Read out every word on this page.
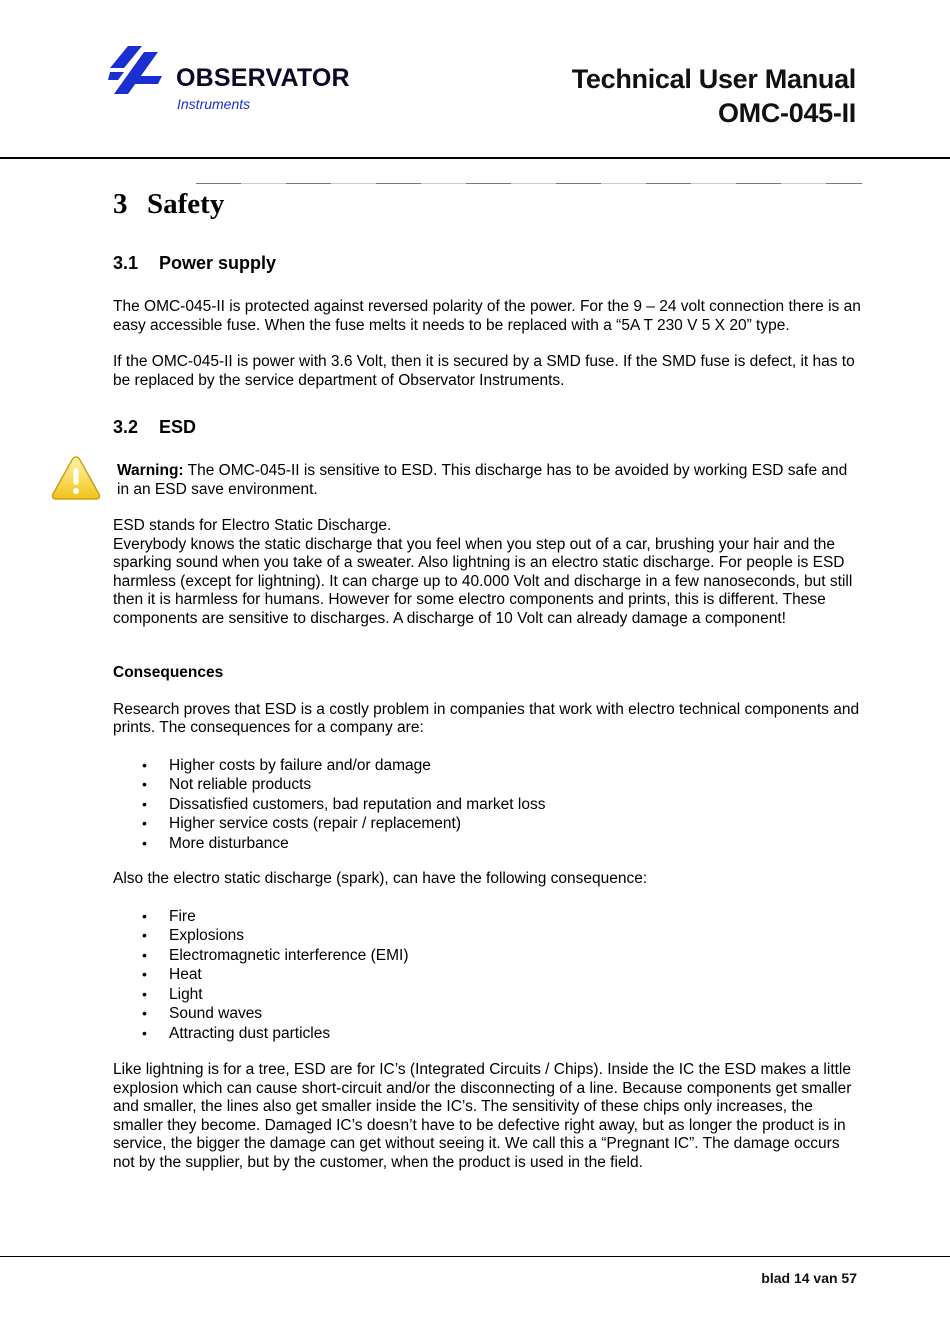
OBSERVATOR
Instruments
Technical User Manual
OMC-045-II
3 Safety
3.1 Power supply

The OMC-045-II is protected against reversed polarity of the power. For the 9 – 24 volt connection there is an easy accessible fuse. When the fuse melts it needs to be replaced with a “5A T 230 V 5 X 20” type.

If the OMC-045-II is power with 3.6 Volt, then it is secured by a SMD fuse. If the SMD fuse is defect, it has to be replaced by the service department of Observator Instruments.

3.2 ESD

Warning: The OMC-045-II is sensitive to ESD. This discharge has to be avoided by working ESD safe and in an ESD save environment.

ESD stands for Electro Static Discharge.

Everybody knows the static discharge that you feel when you step out of a car, brushing your hair and the sparking sound when you take of a sweater. Also lightning is an electro static discharge. For people is ESD harmless (except for lightning). It can charge up to 40.000 Volt and discharge in a few nanoseconds, but still then it is harmless for humans. However for some electro components and prints, this is different. These components are sensitive to discharges. A discharge of 10 Volt can already damage a component!

Consequences

Research proves that ESD is a costly problem in companies that work with electro technical components and prints. The consequences for a company are:

• Higher costs by failure and/or damage
• Not reliable products
• Dissatisfied customers, bad reputation and market loss
• Higher service costs (repair / replacement)
• More disturbance

Also the electro static discharge (spark), can have the following consequence:

• Fire
• Explosions
• Electromagnetic interference (EMI)
• Heat
• Light
• Sound waves
• Attracting dust particles

Like lightning is for a tree, ESD are for IC’s (Integrated Circuits / Chips). Inside the IC the ESD makes a little explosion which can cause short-circuit and/or the disconnecting of a line. Because components get smaller and smaller, the lines also get smaller inside the IC’s. The sensitivity of these chips only increases, the smaller they become. Damaged IC’s doesn’t have to be defective right away, but as longer the product is in service, the bigger the damage can get without seeing it. We call this a “Pregnant IC”. The damage occurs not by the supplier, but by the customer, when the product is used in the field.

blad 14 van 57
